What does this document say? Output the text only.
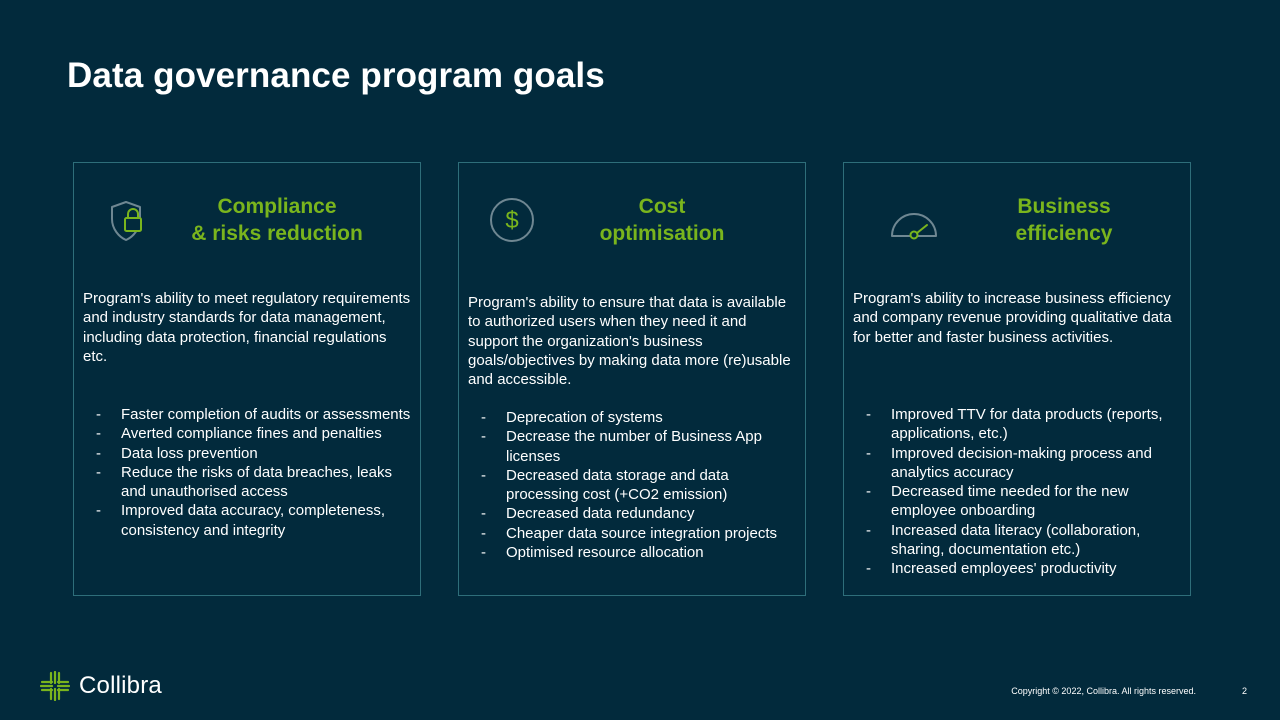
Data governance program goals
Compliance
& risks reduction
Program's ability to meet regulatory requirements and industry standards for data management, including data protection, financial regulations etc.
- Faster completion of audits or assessments
- Averted compliance fines and penalties
- Data loss prevention
- Reduce the risks of data breaches, leaks and unauthorised access
- Improved data accuracy, completeness, consistency and integrity
$
Cost
optimisation
Program's ability to ensure that data is available to authorized users when they need it and support the organization's business goals/objectives by making data more (re)usable and accessible.
- Deprecation of systems
- Decrease the number of Business App licenses
- Decreased data storage and data processing cost (+CO2 emission)
- Decreased data redundancy
- Cheaper data source integration projects
- Optimised resource allocation
Business
efficiency
Program's ability to increase business efficiency and company revenue providing qualitative data for better and faster business activities.
- Improved TTV for data products (reports, applications, etc.)
- Improved decision-making process and analytics accuracy
- Decreased time needed for the new employee onboarding
- Increased data literacy (collaboration, sharing, documentation etc.)
- Increased employees' productivity
Collibra	Copyright © 2022, Collibra. All rights reserved.	2
